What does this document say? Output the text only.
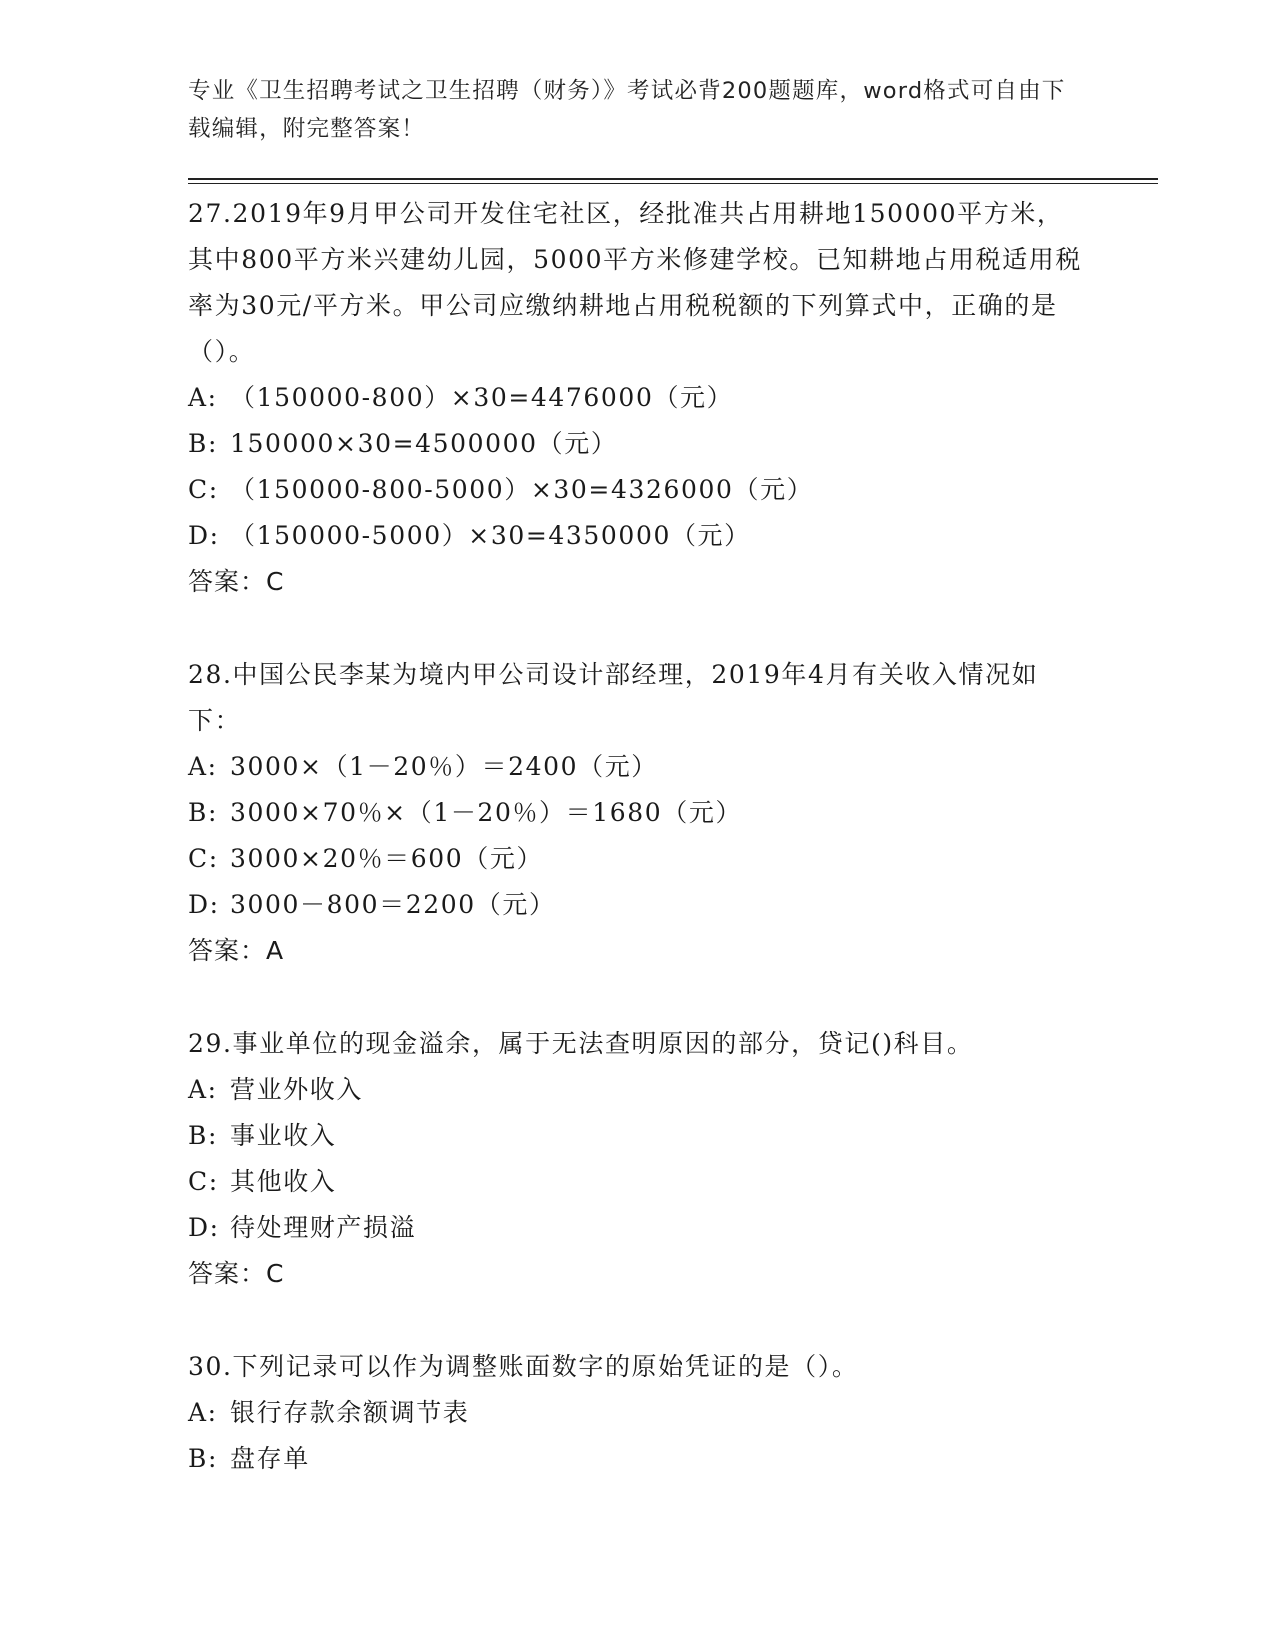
专业《卫生招聘考试之卫生招聘（财务）》考试必背200题题库，word格式可自由下载编辑，附完整答案！
27.2019年9月甲公司开发住宅社区，经批准共占用耕地150000平方米，其中800平方米兴建幼儿园，5000平方米修建学校。已知耕地占用税适用税率为30元/平方米。甲公司应缴纳耕地占用税税额的下列算式中，正确的是（）。
A: （150000-800）×30=4476000（元）
B: 150000×30=4500000（元）
C: （150000-800-5000）×30=4326000（元）
D: （150000-5000）×30=4350000（元）
答案：C
28.中国公民李某为境内甲公司设计部经理，2019年4月有关收入情况如下：
A: 3000×（1－20％）＝2400（元）
B: 3000×70％×（1－20％）＝1680（元）
C: 3000×20％＝600（元）
D: 3000－800＝2200（元）
答案：A
29.事业单位的现金溢余，属于无法查明原因的部分，贷记()科目。
A: 营业外收入
B: 事业收入
C: 其他收入
D: 待处理财产损溢
答案：C
30.下列记录可以作为调整账面数字的原始凭证的是（）。
A: 银行存款余额调节表
B: 盘存单
